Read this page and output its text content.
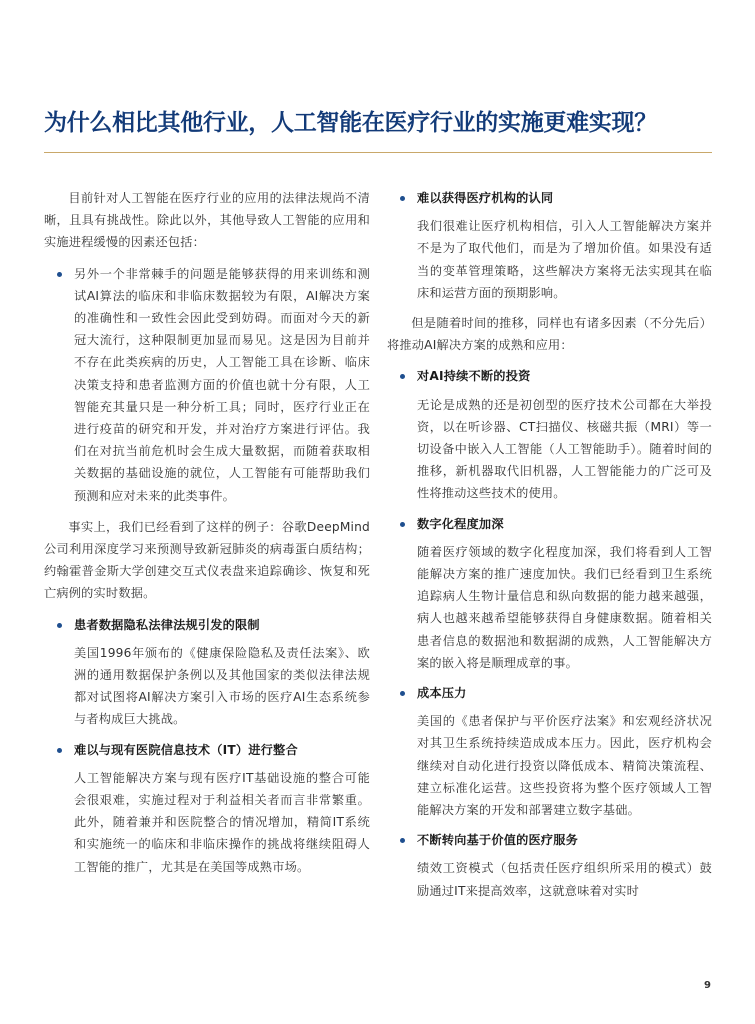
为什么相比其他行业，人工智能在医疗行业的实施更难实现？

目前针对人工智能在医疗行业的应用的法律法规尚不清晰，且具有挑战性。除此以外，其他导致人工智能的应用和实施进程缓慢的因素还包括：

另外一个非常棘手的问题是能够获得的用来训练和测试AI算法的临床和非临床数据较为有限，AI解决方案的准确性和一致性会因此受到妨碍。而面对今天的新冠大流行，这种限制更加显而易见。这是因为目前并不存在此类疾病的历史，人工智能工具在诊断、临床决策支持和患者监测方面的价值也就十分有限，人工智能充其量只是一种分析工具；同时，医疗行业正在进行疫苗的研究和开发，并对治疗方案进行评估。我们在对抗当前危机时会生成大量数据，而随着获取相关数据的基础设施的就位，人工智能有可能帮助我们预测和应对未来的此类事件。

事实上，我们已经看到了这样的例子：谷歌DeepMind公司利用深度学习来预测导致新冠肺炎的病毒蛋白质结构；约翰霍普金斯大学创建交互式仪表盘来追踪确诊、恢复和死亡病例的实时数据。

患者数据隐私法律法规引发的限制

美国1996年颁布的《健康保险隐私及责任法案》、欧洲的通用数据保护条例以及其他国家的类似法律法规都对试图将AI解决方案引入市场的医疗AI生态系统参与者构成巨大挑战。

难以与现有医院信息技术（IT）进行整合

人工智能解决方案与现有医疗IT基础设施的整合可能会很艰难，实施过程对于利益相关者而言非常繁重。此外，随着兼并和医院整合的情况增加，精简IT系统和实施统一的临床和非临床操作的挑战将继续阻碍人工智能的推广，尤其是在美国等成熟市场。

难以获得医疗机构的认同

我们很难让医疗机构相信，引入人工智能解决方案并不是为了取代他们，而是为了增加价值。如果没有适当的变革管理策略，这些解决方案将无法实现其在临床和运营方面的预期影响。

但是随着时间的推移，同样也有诸多因素（不分先后）将推动AI解决方案的成熟和应用：

对AI持续不断的投资

无论是成熟的还是初创型的医疗技术公司都在大举投资，以在听诊器、CT扫描仪、核磁共振（MRI）等一切设备中嵌入人工智能（人工智能助手）。随着时间的推移，新机器取代旧机器，人工智能能力的广泛可及性将推动这些技术的使用。

数字化程度加深

随着医疗领域的数字化程度加深，我们将看到人工智能解决方案的推广速度加快。我们已经看到卫生系统追踪病人生物计量信息和纵向数据的能力越来越强，病人也越来越希望能够获得自身健康数据。随着相关患者信息的数据池和数据湖的成熟，人工智能解决方案的嵌入将是顺理成章的事。

成本压力

美国的《患者保护与平价医疗法案》和宏观经济状况对其卫生系统持续造成成本压力。因此，医疗机构会继续对自动化进行投资以降低成本、精简决策流程、建立标准化运营。这些投资将为整个医疗领域人工智能解决方案的开发和部署建立数字基础。

不断转向基于价值的医疗服务

绩效工资模式（包括责任医疗组织所采用的模式）鼓励通过IT来提高效率，这就意味着对实时

9
